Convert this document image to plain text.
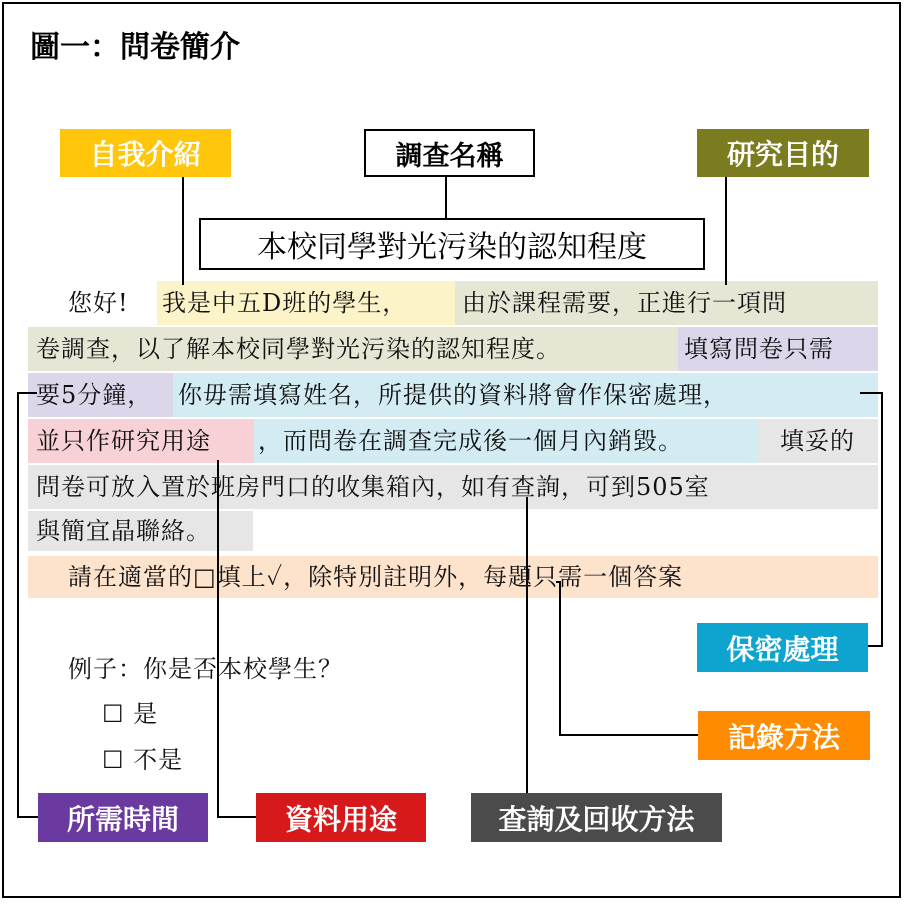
圖一：問卷簡介
調查名稱
本校同學對光污染的認知程度
自我介紹	研究目的
保密處理
記錄方法
所需時間	資料用途	查詢及回收方法
您好! 我是中五D班的學生， 由於課程需要，正進行一項問
卷調查，以了解本校同學對光污染的認知程度。	填寫問卷只需
要5分鐘， 你毋需填寫姓名，所提供的資料將會作保密處理，
並只作研究用途 ，而問卷在調查完成後一個月內銷毀。	填妥的
問卷可放入置於班房門口的收集箱內，如有查詢，可到505室
與簡宜晶聯絡。
請在適當的□填上✓，除特別註明外，每題只需一個答案
例子：你是否本校學生？
☐ 是
☐ 不是
